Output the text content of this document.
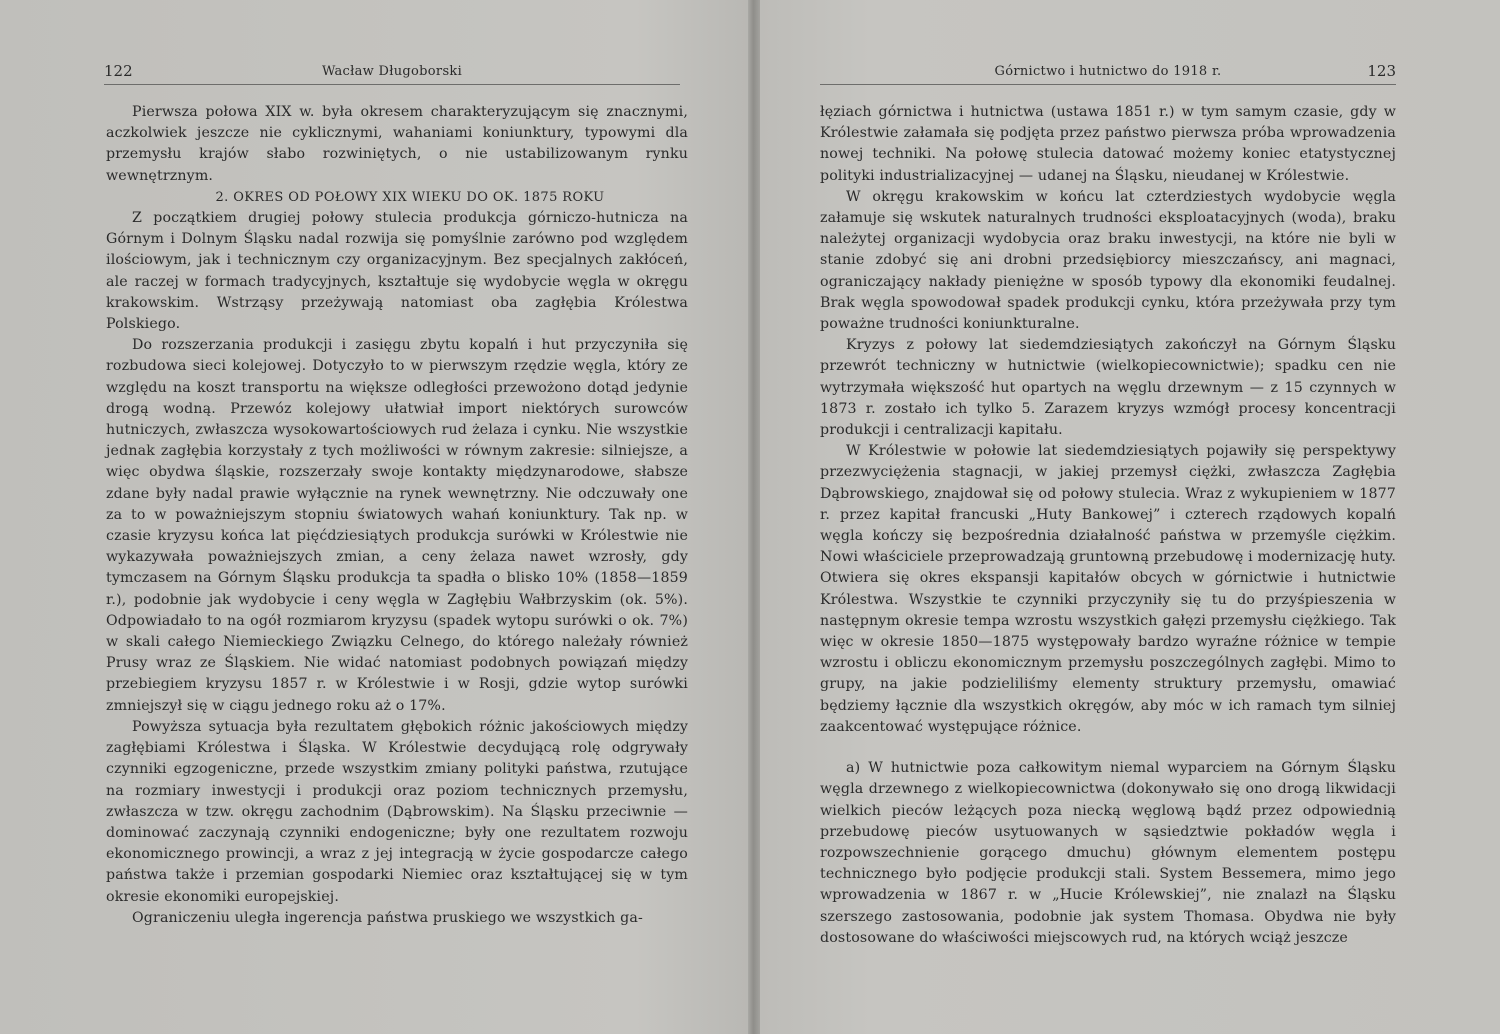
122	Wacław Długoborski

Pierwsza połowa XIX w. była okresem charakteryzującym się znacznymi, aczkolwiek jeszcze nie cyklicznymi, wahaniami koniunktury, typowymi dla przemysłu krajów słabo rozwiniętych, o nie ustabilizowanym rynku wewnętrznym.

2. OKRES OD POŁOWY XIX WIEKU DO OK. 1875 ROKU

Z początkiem drugiej połowy stulecia produkcja górniczo-hutnicza na Górnym i Dolnym Śląsku nadal rozwija się pomyślnie zarówno pod względem ilościowym, jak i technicznym czy organizacyjnym. Bez specjalnych zakłóceń, ale raczej w formach tradycyjnych, kształtuje się wydobycie węgla w okręgu krakowskim. Wstrząsy przeżywają natomiast oba zagłębia Królestwa Polskiego.

Do rozszerzania produkcji i zasięgu zbytu kopalń i hut przyczyniła się rozbudowa sieci kolejowej. Dotyczyło to w pierwszym rzędzie węgla, który ze względu na koszt transportu na większe odległości przewożono dotąd jedynie drogą wodną. Przewóz kolejowy ułatwiał import niektórych surowców hutniczych, zwłaszcza wysokowartościowych rud żelaza i cynku. Nie wszystkie jednak zagłębia korzystały z tych możliwości w równym zakresie: silniejsze, a więc obydwa śląskie, rozszerzały swoje kontakty międzynarodowe, słabsze zdane były nadal prawie wyłącznie na rynek wewnętrzny. Nie odczuwały one za to w poważniejszym stopniu światowych wahań koniunktury. Tak np. w czasie kryzysu końca lat pięćdziesiątych produkcja surówki w Królestwie nie wykazywała poważniejszych zmian, a ceny żelaza nawet wzrosły, gdy tymczasem na Górnym Śląsku produkcja ta spadła o blisko 10% (1858—1859 r.), podobnie jak wydobycie i ceny węgla w Zagłębiu Wałbrzyskim (ok. 5%). Odpowiadało to na ogół rozmiarom kryzysu (spadek wytopu surówki o ok. 7%) w skali całego Niemieckiego Związku Celnego, do którego należały również Prusy wraz ze Śląskiem. Nie widać natomiast podobnych powiązań między przebiegiem kryzysu 1857 r. w Królestwie i w Rosji, gdzie wytop surówki zmniejszył się w ciągu jednego roku aż o 17%.

Powyższa sytuacja była rezultatem głębokich różnic jakościowych między zagłębiami Królestwa i Śląska. W Królestwie decydującą rolę odgrywały czynniki egzogeniczne, przede wszystkim zmiany polityki państwa, rzutujące na rozmiary inwestycji i produkcji oraz poziom technicznych przemysłu, zwłaszcza w tzw. okręgu zachodnim (Dąbrowskim). Na Śląsku przeciwnie — dominować zaczynają czynniki endogeniczne; były one rezultatem rozwoju ekonomicznego prowincji, a wraz z jej integracją w życie gospodarcze całego państwa także i przemian gospodarki Niemiec oraz kształtującej się w tym okresie ekonomiki europejskiej.

Ograniczeniu uległa ingerencja państwa pruskiego we wszystkich ga-

Górnictwo i hutnictwo do 1918 r.	123

łęziach górnictwa i hutnictwa (ustawa 1851 r.) w tym samym czasie, gdy w Królestwie załamała się podjęta przez państwo pierwsza próba wprowadzenia nowej techniki. Na połowę stulecia datować możemy koniec etatystycznej polityki industrializacyjnej — udanej na Śląsku, nieudanej w Królestwie.

W okręgu krakowskim w końcu lat czterdziestych wydobycie węgla załamuje się wskutek naturalnych trudności eksploatacyjnych (woda), braku należytej organizacji wydobycia oraz braku inwestycji, na które nie byli w stanie zdobyć się ani drobni przedsiębiorcy mieszczańscy, ani magnaci, ograniczający nakłady pieniężne w sposób typowy dla ekonomiki feudalnej. Brak węgla spowodował spadek produkcji cynku, która przeżywała przy tym poważne trudności koniunkturalne.

Kryzys z połowy lat siedemdziesiątych zakończył na Górnym Śląsku przewrót techniczny w hutnictwie (wielkopiecownictwie); spadku cen nie wytrzymała większość hut opartych na węglu drzewnym — z 15 czynnych w 1873 r. zostało ich tylko 5. Zarazem kryzys wzmógł procesy koncentracji produkcji i centralizacji kapitału.

W Królestwie w połowie lat siedemdziesiątych pojawiły się perspektywy przezwyciężenia stagnacji, w jakiej przemysł ciężki, zwłaszcza Zagłębia Dąbrowskiego, znajdował się od połowy stulecia. Wraz z wykupieniem w 1877 r. przez kapitał francuski „Huty Bankowej” i czterech rządowych kopalń węgla kończy się bezpośrednia działalność państwa w przemyśle ciężkim. Nowi właściciele przeprowadzają gruntowną przebudowę i modernizację huty. Otwiera się okres ekspansji kapitałów obcych w górnictwie i hutnictwie Królestwa. Wszystkie te czynniki przyczyniły się tu do przyśpieszenia w następnym okresie tempa wzrostu wszystkich gałęzi przemysłu ciężkiego. Tak więc w okresie 1850—1875 występowały bardzo wyraźne różnice w tempie wzrostu i obliczu ekonomicznym przemysłu poszczególnych zagłębi. Mimo to grupy, na jakie podzieliliśmy elementy struktury przemysłu, omawiać będziemy łącznie dla wszystkich okręgów, aby móc w ich ramach tym silniej zaakcentować występujące różnice.

a) W hutnictwie poza całkowitym niemal wyparciem na Górnym Śląsku węgla drzewnego z wielkopiecownictwa (dokonywało się ono drogą likwidacji wielkich pieców leżących poza niecką węglową bądź przez odpowiednią przebudowę pieców usytuowanych w sąsiedztwie pokładów węgla i rozpowszechnienie gorącego dmuchu) głównym elementem postępu technicznego było podjęcie produkcji stali. System Bessemera, mimo jego wprowadzenia w 1867 r. w „Hucie Królewskiej”, nie znalazł na Śląsku szerszego zastosowania, podobnie jak system Thomasa. Obydwa nie były dostosowane do właściwości miejscowych rud, na których wciąż jeszcze
